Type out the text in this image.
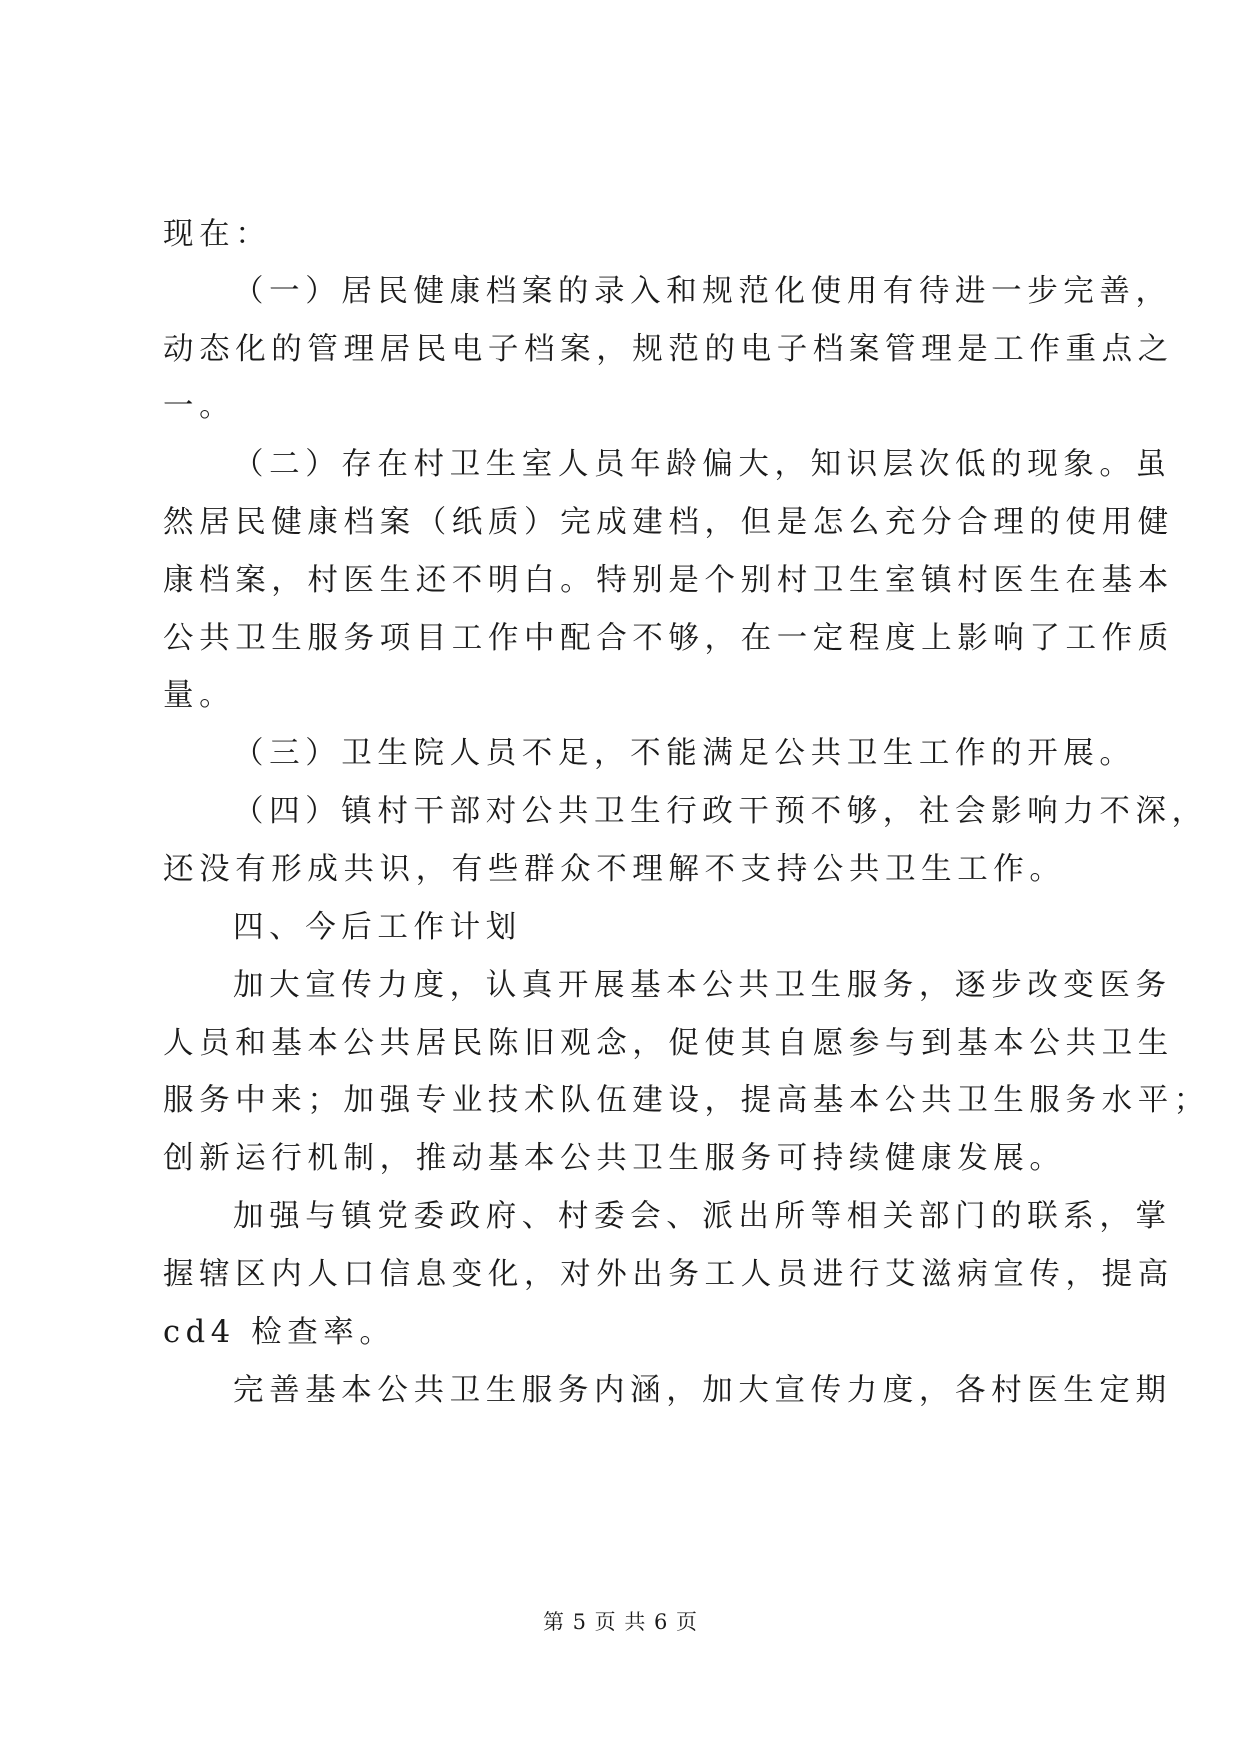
现在：
（一）居民健康档案的录入和规范化使用有待进一步完善，
动态化的管理居民电子档案，规范的电子档案管理是工作重点之
一。
（二）存在村卫生室人员年龄偏大，知识层次低的现象。虽
然居民健康档案（纸质）完成建档，但是怎么充分合理的使用健
康档案，村医生还不明白。特别是个别村卫生室镇村医生在基本
公共卫生服务项目工作中配合不够，在一定程度上影响了工作质
量。
（三）卫生院人员不足，不能满足公共卫生工作的开展。
（四）镇村干部对公共卫生行政干预不够，社会影响力不深，
还没有形成共识，有些群众不理解不支持公共卫生工作。
四、今后工作计划
加大宣传力度，认真开展基本公共卫生服务，逐步改变医务
人员和基本公共居民陈旧观念，促使其自愿参与到基本公共卫生
服务中来；加强专业技术队伍建设，提高基本公共卫生服务水平；
创新运行机制，推动基本公共卫生服务可持续健康发展。
加强与镇党委政府、村委会、派出所等相关部门的联系，掌
握辖区内人口信息变化，对外出务工人员进行艾滋病宣传，提高
cd4 检查率。
完善基本公共卫生服务内涵，加大宣传力度，各村医生定期
第 5 页 共 6 页
